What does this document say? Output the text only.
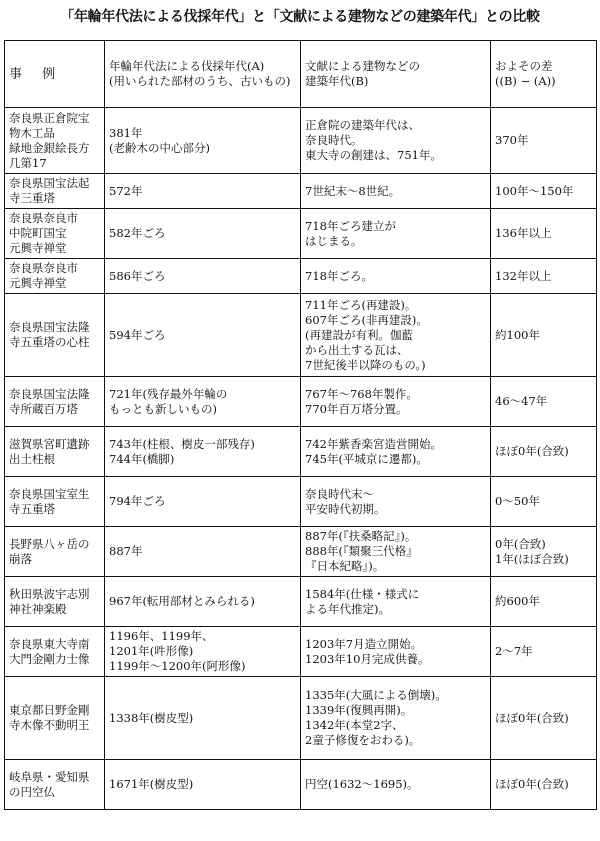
「年輪年代法による伐採年代」と「文献による建物などの建築年代」との比較
事 例	年輪年代法による伐採年代(A)
(用いられた部材のうち、古いもの)	文献による建物などの
建築年代(B)	およその差
((B) − (A))

奈良県正倉院宝
物木工品
緑地金銀絵長方
几第17	381年
(老齢木の中心部分)	正倉院の建築年代は、
奈良時代。
東大寺の創建は、751年。	370年

奈良県国宝法起
寺三重塔	572年	7世紀末〜8世紀。	100年〜150年

奈良県奈良市
中院町国宝
元興寺禅堂	582年ごろ	718年ごろ建立が
はじまる。	136年以上

奈良県奈良市
元興寺禅堂	586年ごろ	718年ごろ。	132年以上

奈良県国宝法隆
寺五重塔の心柱	594年ごろ	711年ごろ(再建設)。
607年ごろ(非再建設)。
(再建設が有利。伽藍
から出土する瓦は、
7世紀後半以降のもの。)	約100年

奈良県国宝法隆
寺所蔵百万塔	721年(残存最外年輪の
もっとも新しいもの)	767年〜768年製作。
770年百万塔分置。	46〜47年

滋賀県宮町遺跡
出土柱根	743年(柱根、樹皮一部残存)
744年(橋脚)	742年紫香楽宮造営開始。
745年(平城京に遷都)。	ほぼ0年(合致)

奈良県国宝室生
寺五重塔	794年ごろ	奈良時代末〜
平安時代初期。	0〜50年

長野県八ヶ岳の
崩落	887年	887年(『扶桑略記』)。
888年(『類聚三代格』
『日本紀略』)。	0年(合致)
1年(ほぼ合致)

秋田県波宇志別
神社神楽殿	967年(転用部材とみられる)	1584年(仕様・様式に
よる年代推定)。	約600年

奈良県東大寺南
大門金剛力士像	1196年、1199年、
1201年(吽形像)
1199年〜1200年(阿形像)	1203年7月造立開始。
1203年10月完成供養。	2〜7年

東京都日野金剛
寺木像不動明王	1338年(樹皮型)	1335年(大風による倒壊)。
1339年(復興再開)。
1342年(本堂2字、
2童子修復をおわる)。	ほぼ0年(合致)

岐阜県・愛知県
の円空仏	1671年(樹皮型)	円空(1632〜1695)。	ほぼ0年(合致)
